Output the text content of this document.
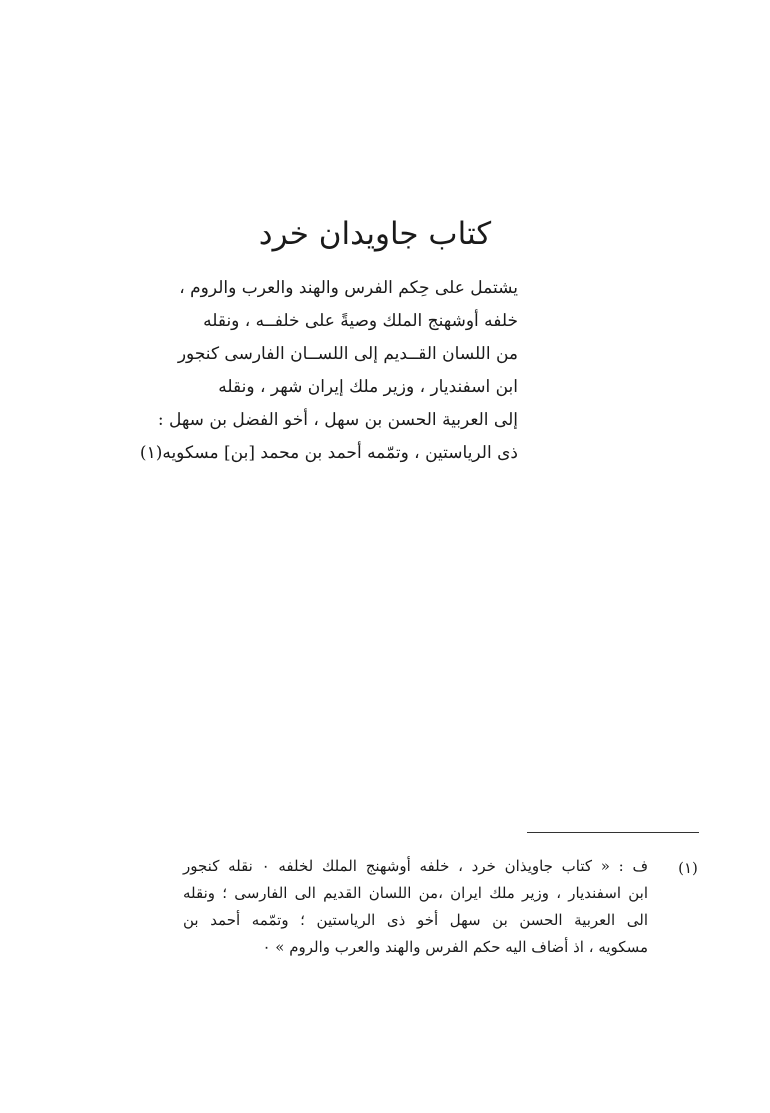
كتاب جاويدان خرد
يشتمل على حِكم الفرس والهند والعرب والروم ،
خلفه أوشهنج الملك وصيةً على خلفــه ، ونقله
من اللسان القــديم إلى اللســان الفارسى كنجور
ابن اسفنديار ، وزير ملك إيران شهر ، ونقله
إلى العربية الحسن بن سهل ، أخو الفضل بن سهل :
ذى الرياستين ، وتمّمه أحمد بن محمد [بن] مسكويه(١)
(١)
ف : « كتاب جاويذان خرد ، خلفه أوشهنج الملك لخلفه ٠ نقله كنجور
ابن اسفنديار ، وزير ملك ايران ،من اللسان القديم الى الفارسى ؛ ونقله
الى العربية الحسن بن سهل أخو ذى الرياستين ؛ وتمّمه أحمد بن
مسكويه ، اذ أضاف اليه حكم الفرس والهند والعرب والروم » ٠
